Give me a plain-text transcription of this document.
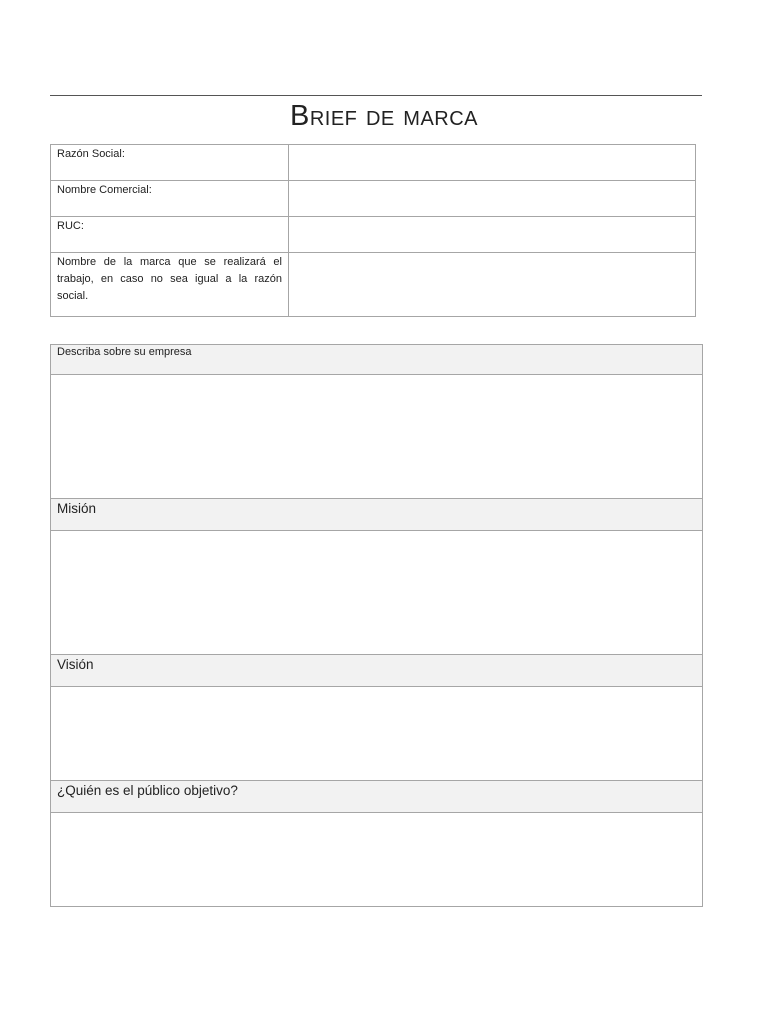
Brief de marca
Razón Social:	
Nombre Comercial:	
RUC:	
Nombre de la marca que se realizará el trabajo, en caso no sea igual a la razón social.	
Describa sobre su empresa

Misión

Visión

¿Quién es el público objetivo?
